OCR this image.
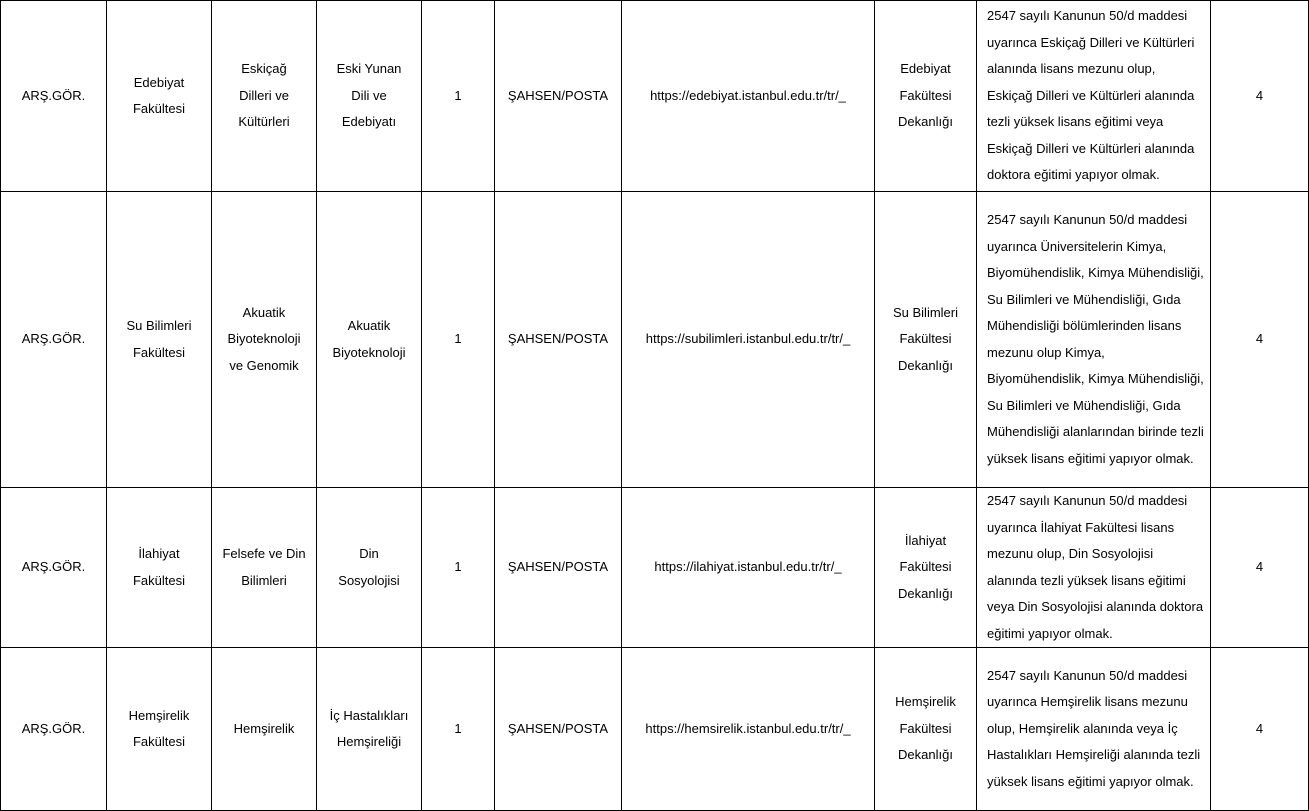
ARŞ.GÖR.	Edebiyat Fakültesi	Eskiçağ Dilleri ve Kültürleri	Eski Yunan Dili ve Edebiyatı	1	ŞAHSEN/POSTA	https://edebiyat.istanbul.edu.tr/tr/_	Edebiyat Fakültesi Dekanlığı	2547 sayılı Kanunun 50/d maddesi uyarınca Eskiçağ Dilleri ve Kültürleri alanında lisans mezunu olup, Eskiçağ Dilleri ve Kültürleri alanında tezli yüksek lisans eğitimi veya Eskiçağ Dilleri ve Kültürleri alanında doktora eğitimi yapıyor olmak.	4
ARŞ.GÖR.	Su Bilimleri Fakültesi	Akuatik Biyoteknoloji ve Genomik	Akuatik Biyoteknoloji	1	ŞAHSEN/POSTA	https://subilimleri.istanbul.edu.tr/tr/_	Su Bilimleri Fakültesi Dekanlığı	2547 sayılı Kanunun 50/d maddesi uyarınca Üniversitelerin Kimya, Biyomühendislik, Kimya Mühendisliği, Su Bilimleri ve Mühendisliği, Gıda Mühendisliği bölümlerinden lisans mezunu olup Kimya, Biyomühendislik, Kimya Mühendisliği, Su Bilimleri ve Mühendisliği, Gıda Mühendisliği alanlarından birinde tezli yüksek lisans eğitimi yapıyor olmak.	4
ARŞ.GÖR.	İlahiyat Fakültesi	Felsefe ve Din Bilimleri	Din Sosyolojisi	1	ŞAHSEN/POSTA	https://ilahiyat.istanbul.edu.tr/tr/_	İlahiyat Fakültesi Dekanlığı	2547 sayılı Kanunun 50/d maddesi uyarınca İlahiyat Fakültesi lisans mezunu olup, Din Sosyolojisi alanında tezli yüksek lisans eğitimi veya Din Sosyolojisi alanında doktora eğitimi yapıyor olmak.	4
ARŞ.GÖR.	Hemşirelik Fakültesi	Hemşirelik	İç Hastalıkları Hemşireliği	1	ŞAHSEN/POSTA	https://hemsirelik.istanbul.edu.tr/tr/_	Hemşirelik Fakültesi Dekanlığı	2547 sayılı Kanunun 50/d maddesi uyarınca Hemşirelik lisans mezunu olup, Hemşirelik alanında veya İç Hastalıkları Hemşireliği alanında tezli yüksek lisans eğitimi yapıyor olmak.	4
